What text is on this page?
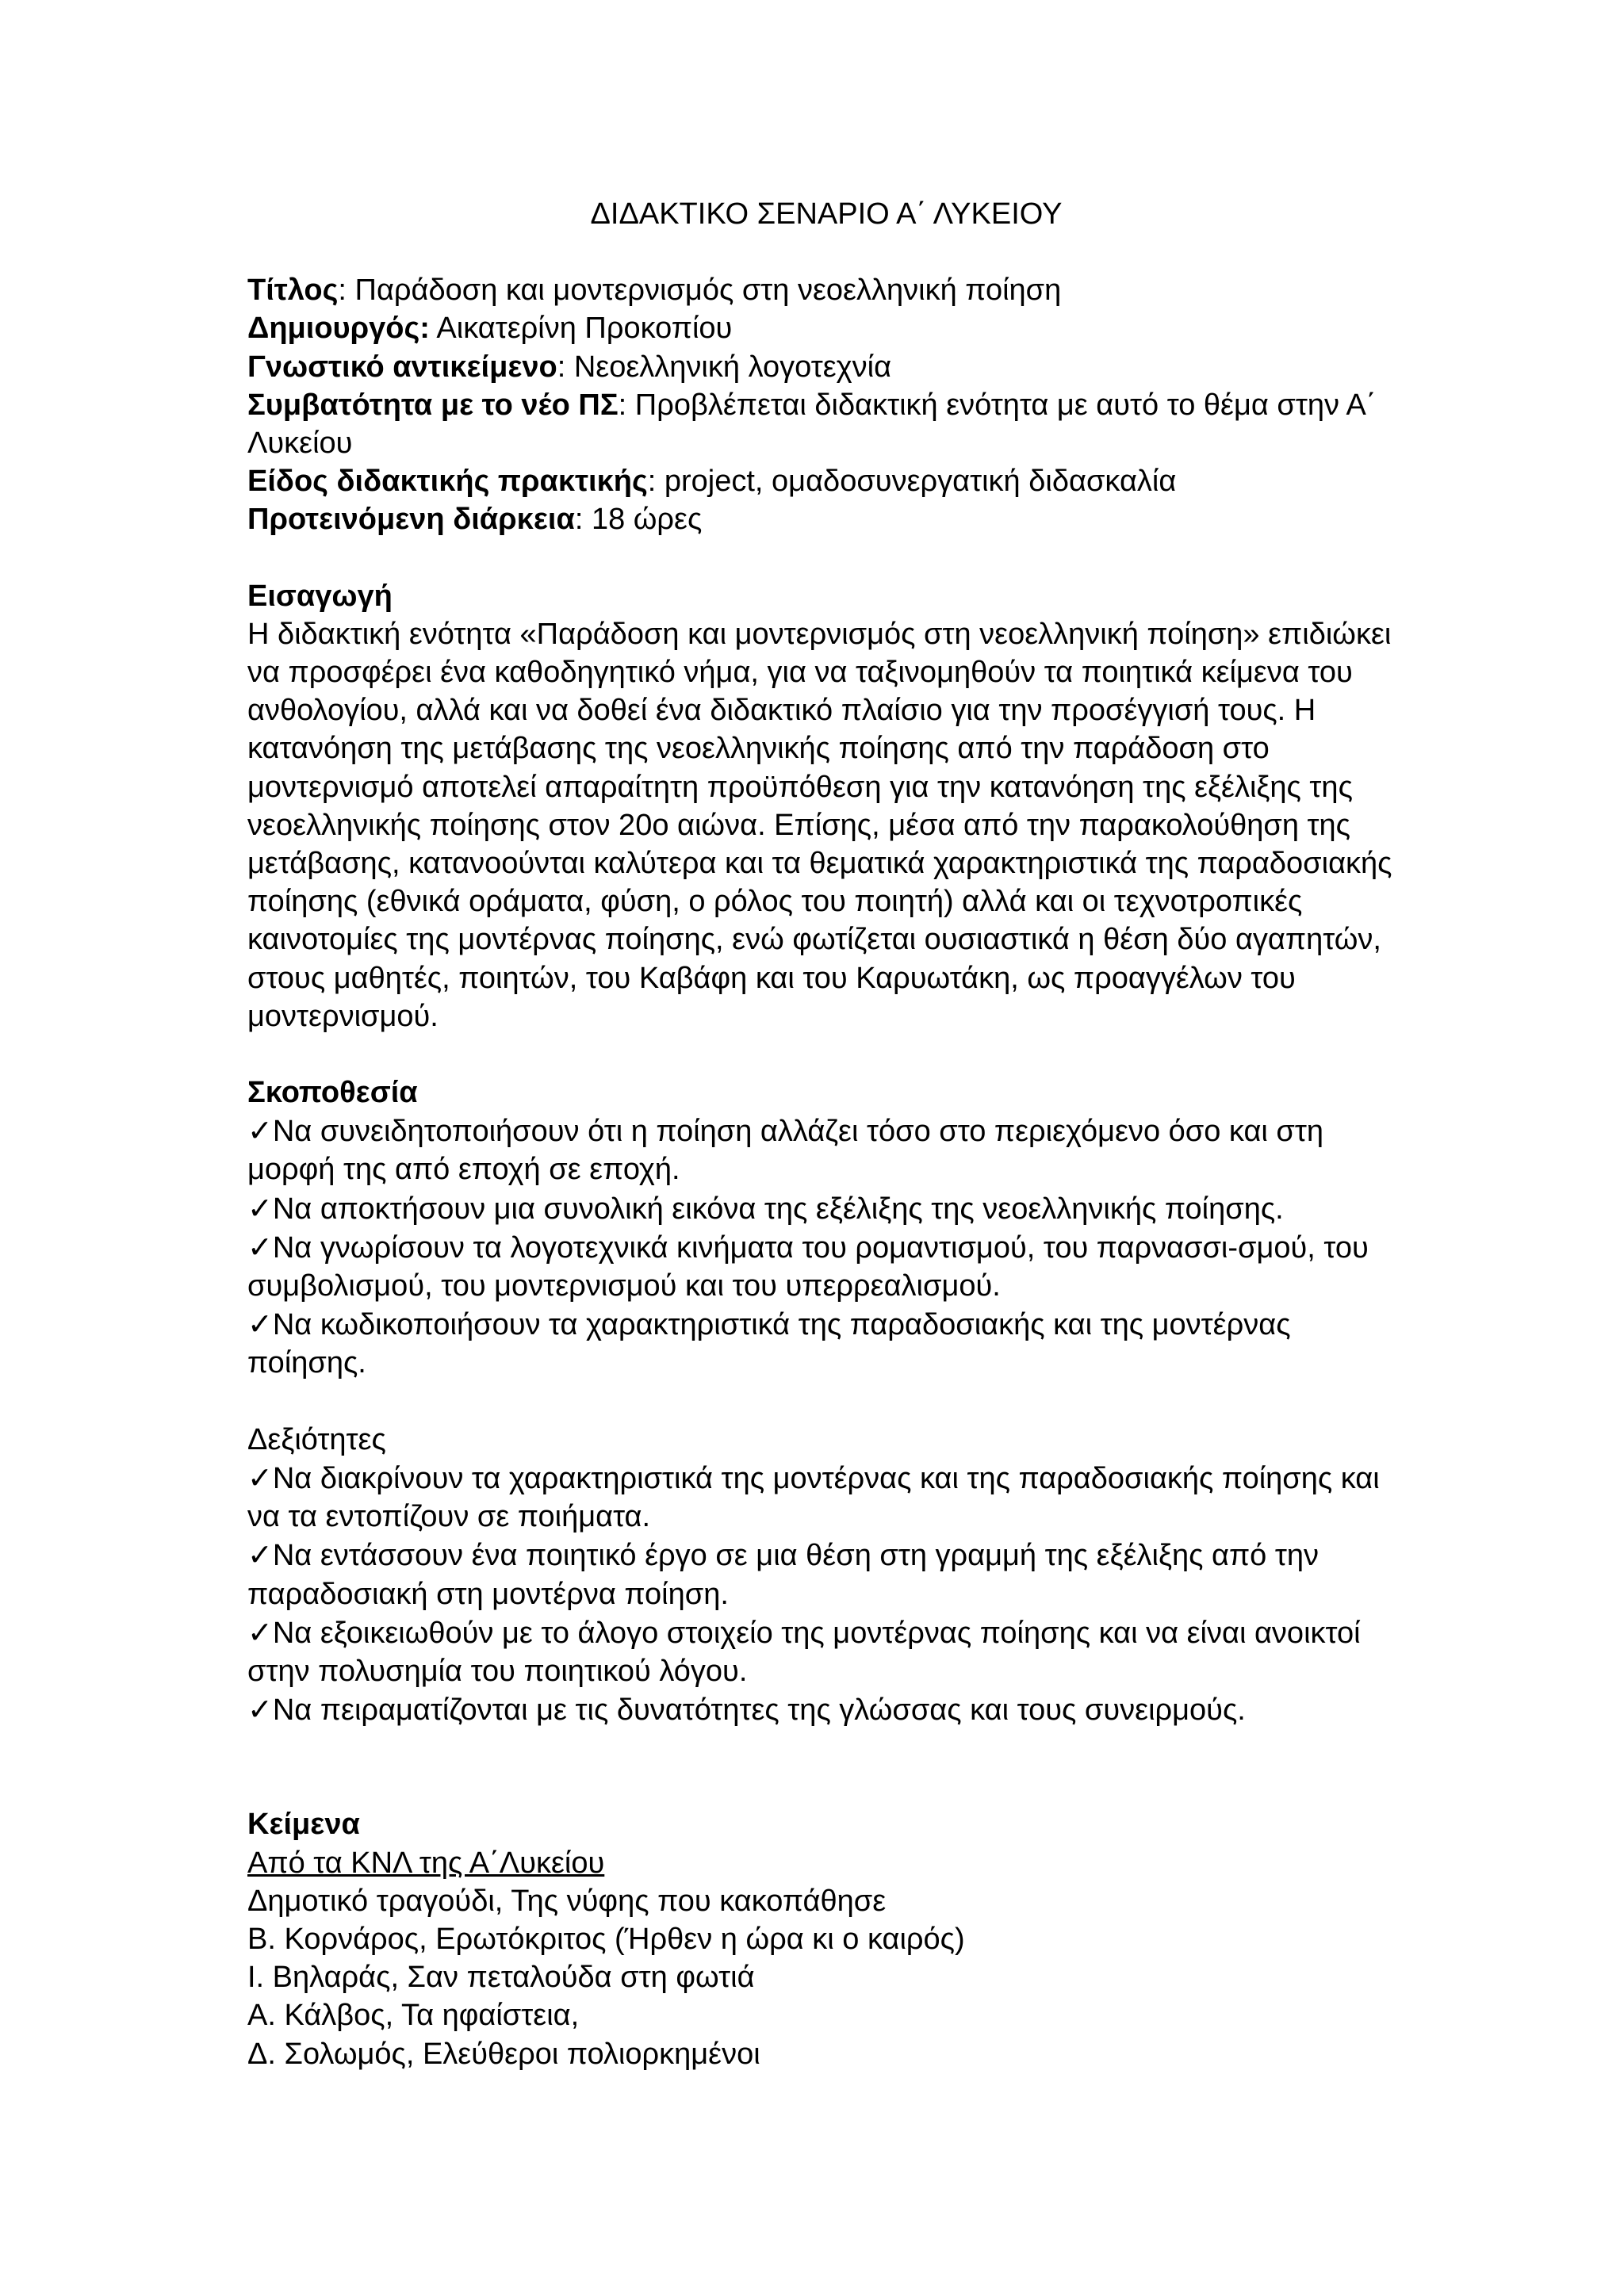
ΔΙΔΑΚΤΙΚΟ ΣΕΝΑΡΙΟ Α΄ ΛΥΚΕΙΟΥ

Τίτλος: Παράδοση και μοντερνισμός στη νεοελληνική ποίηση

Δημιουργός: Αικατερίνη Προκοπίου

Γνωστικό αντικείμενο: Νεοελληνική λογοτεχνία

Συμβατότητα με το νέο ΠΣ: Προβλέπεται διδακτική ενότητα με αυτό το θέμα στην Α΄ Λυκείου

Είδος διδακτικής πρακτικής: project, ομαδοσυνεργατική διδασκαλία

Προτεινόμενη διάρκεια: 18 ώρες

Εισαγωγή

Η διδακτική ενότητα «Παράδοση και μοντερνισμός στη νεοελληνική ποίηση» επιδιώκει να προσφέρει ένα καθοδηγητικό νήμα, για να ταξινομηθούν τα ποιητικά κείμενα του ανθολογίου, αλλά και να δοθεί ένα διδακτικό πλαίσιο για την προσέγγισή τους. Η κατανόηση της μετάβασης της νεοελληνικής ποίησης από την παράδοση στο μοντερνισμό αποτελεί απαραίτητη προϋπόθεση για την κατανόηση της εξέλιξης της νεοελληνικής ποίησης στον 20ο αιώνα. Επίσης, μέσα από την παρακολούθηση της μετάβασης, κατανοούνται καλύτερα και τα θεματικά χαρακτηριστικά της παραδοσιακής ποίησης (εθνικά οράματα, φύση, ο ρόλος του ποιητή) αλλά και οι τεχνοτροπικές καινοτομίες της μοντέρνας ποίησης, ενώ φωτίζεται ουσιαστικά η θέση δύο αγαπητών, στους μαθητές, ποιητών, του Καβάφη και του Καρυωτάκη, ως προαγγέλων του μοντερνισμού.

Σκοποθεσία

✓Να συνειδητοποιήσουν ότι η ποίηση αλλάζει τόσο στο περιεχόμενο όσο και στη μορφή της από εποχή σε εποχή.

✓Να αποκτήσουν μια συνολική εικόνα της εξέλιξης της νεοελληνικής ποίησης.

✓Να γνωρίσουν τα λογοτεχνικά κινήματα του ρομαντισμού, του παρνασσι-σμού, του συμβολισμού, του μοντερνισμού και του υπερρεαλισμού.

✓Να κωδικοποιήσουν τα χαρακτηριστικά της παραδοσιακής και της μοντέρνας ποίησης.

Δεξιότητες

✓Να διακρίνουν τα χαρακτηριστικά της μοντέρνας και της παραδοσιακής ποίησης και να τα εντοπίζουν σε ποιήματα.

✓Να εντάσσουν ένα ποιητικό έργο σε μια θέση στη γραμμή της εξέλιξης από την παραδοσιακή στη μοντέρνα ποίηση.

✓Να εξοικειωθούν με το άλογο στοιχείο της μοντέρνας ποίησης και να είναι ανοικτοί στην πολυσημία του ποιητικού λόγου.

✓Να πειραματίζονται με τις δυνατότητες της γλώσσας και τους συνειρμούς.

Κείμενα

Από τα ΚΝΛ της Α΄Λυκείου

Δημοτικό τραγούδι, Της νύφης που κακοπάθησε

Β. Κορνάρος, Ερωτόκριτος (Ήρθεν η ώρα κι ο καιρός)

Ι. Βηλαράς, Σαν πεταλούδα στη φωτιά

Α. Κάλβος, Τα ηφαίστεια,

Δ. Σολωμός, Ελεύθεροι πολιορκημένοι
